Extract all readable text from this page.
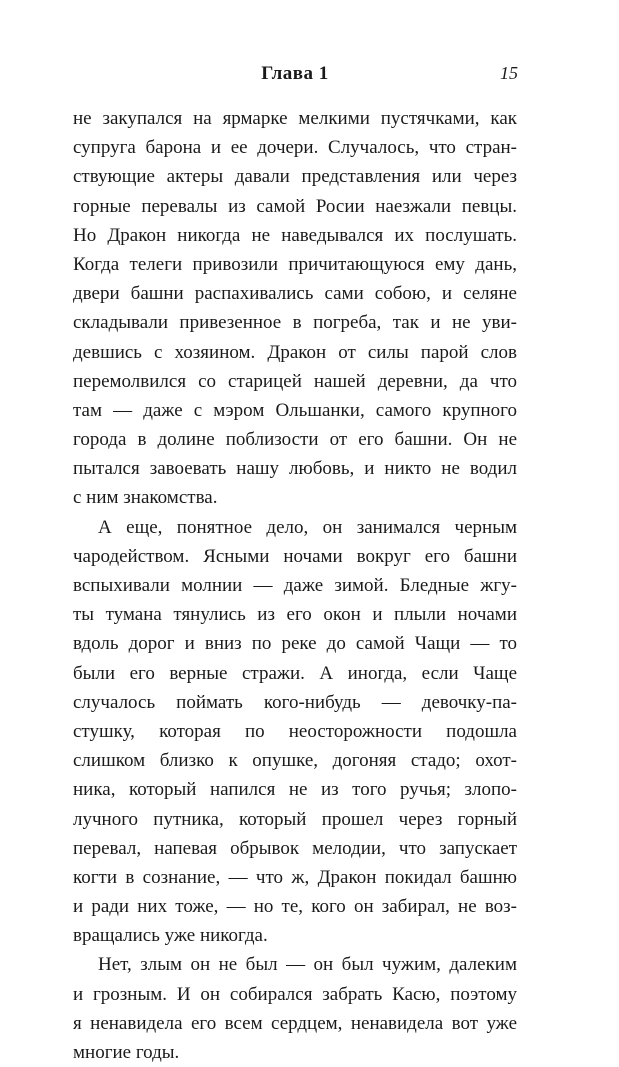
Глава 1	15
не закупался на ярмарке мелкими пустячками, как
супруга барона и ее дочери. Случалось, что стран-
ствующие актеры давали представления или через
горные перевалы из самой Росии наезжали певцы.
Но Дракон никогда не наведывался их послушать.
Когда телеги привозили причитающуюся ему дань,
двери башни распахивались сами собою, и селяне
складывали привезенное в погреба, так и не уви-
девшись с хозяином. Дракон от силы парой слов
перемолвился со старицей нашей деревни, да что
там — даже с мэром Ольшанки, самого крупного
города в долине поблизости от его башни. Он не
пытался завоевать нашу любовь, и никто не водил
с ним знакомства.
А еще, понятное дело, он занимался черным
чародейством. Ясными ночами вокруг его башни
вспыхивали молнии — даже зимой. Бледные жгу-
ты тумана тянулись из его окон и плыли ночами
вдоль дорог и вниз по реке до самой Чащи — то
были его верные стражи. А иногда, если Чаще
случалось поймать кого-нибудь — девочку-па-
стушку, которая по неосторожности подошла
слишком близко к опушке, догоняя стадо; охот-
ника, который напился не из того ручья; злопо-
лучного путника, который прошел через горный
перевал, напевая обрывок мелодии, что запускает
когти в сознание, — что ж, Дракон покидал башню
и ради них тоже, — но те, кого он забирал, не воз-
вращались уже никогда.
Нет, злым он не был — он был чужим, далеким
и грозным. И он собирался забрать Касю, поэтому
я ненавидела его всем сердцем, ненавидела вот уже
многие годы.
